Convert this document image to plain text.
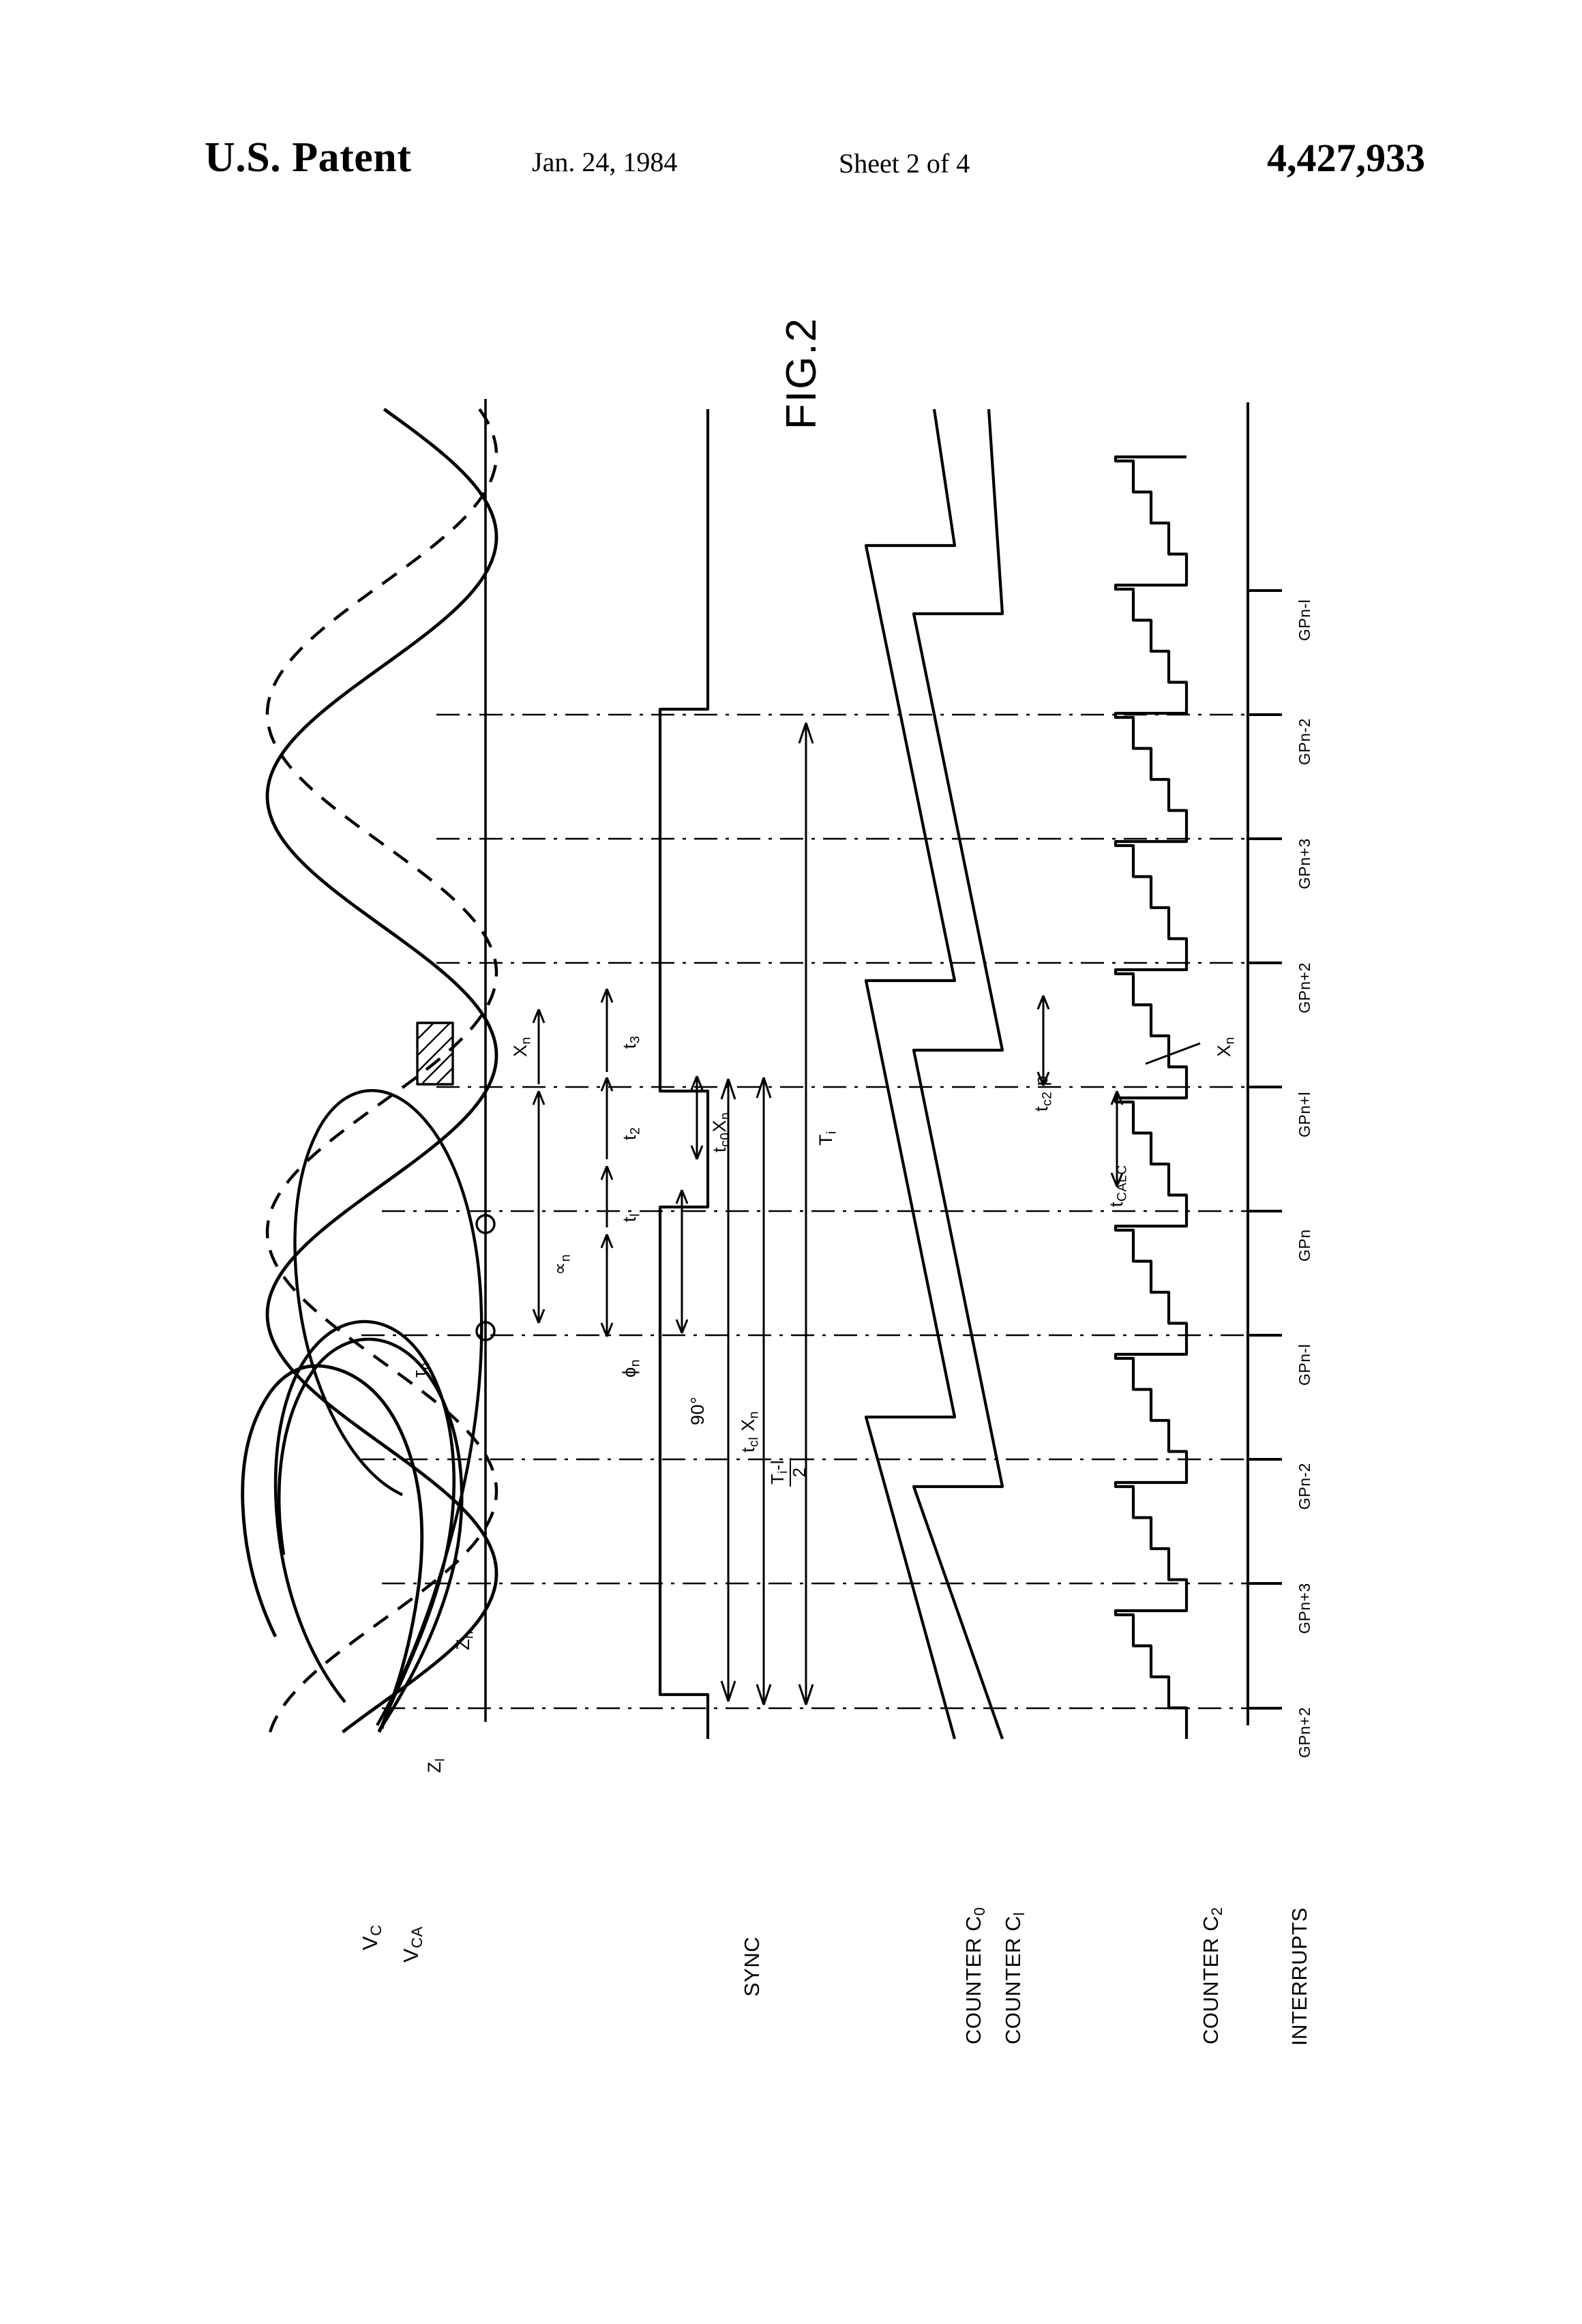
U.S. Patent	Jan. 24, 1984	Sheet 2 of 4	4,427,933
FIG.2
$V_C$
$V_{CA}$	SYNC	COUNTER $C_0$
COUNTER $C_l$
COUNTER $C_2$	INTERRUPTS
$\tau_n$
$Z_n$
$Z_l$
$X_n$
$\propto_n$
$\phi_n$
$t_l$
$t_2$
$t_3$
90°
$t_{c0}X_n$
$t_{cl}$ $X_n$
$T_i-l$
2
$T_i$
$t_{c2}$ p
$t_{CALC}$
$X_n$
GPn-l
GPn-2
GPn+3
GPn+2
GPn+l
GPn
GPn-l
GPn-2
GPn+3
GPn+2
